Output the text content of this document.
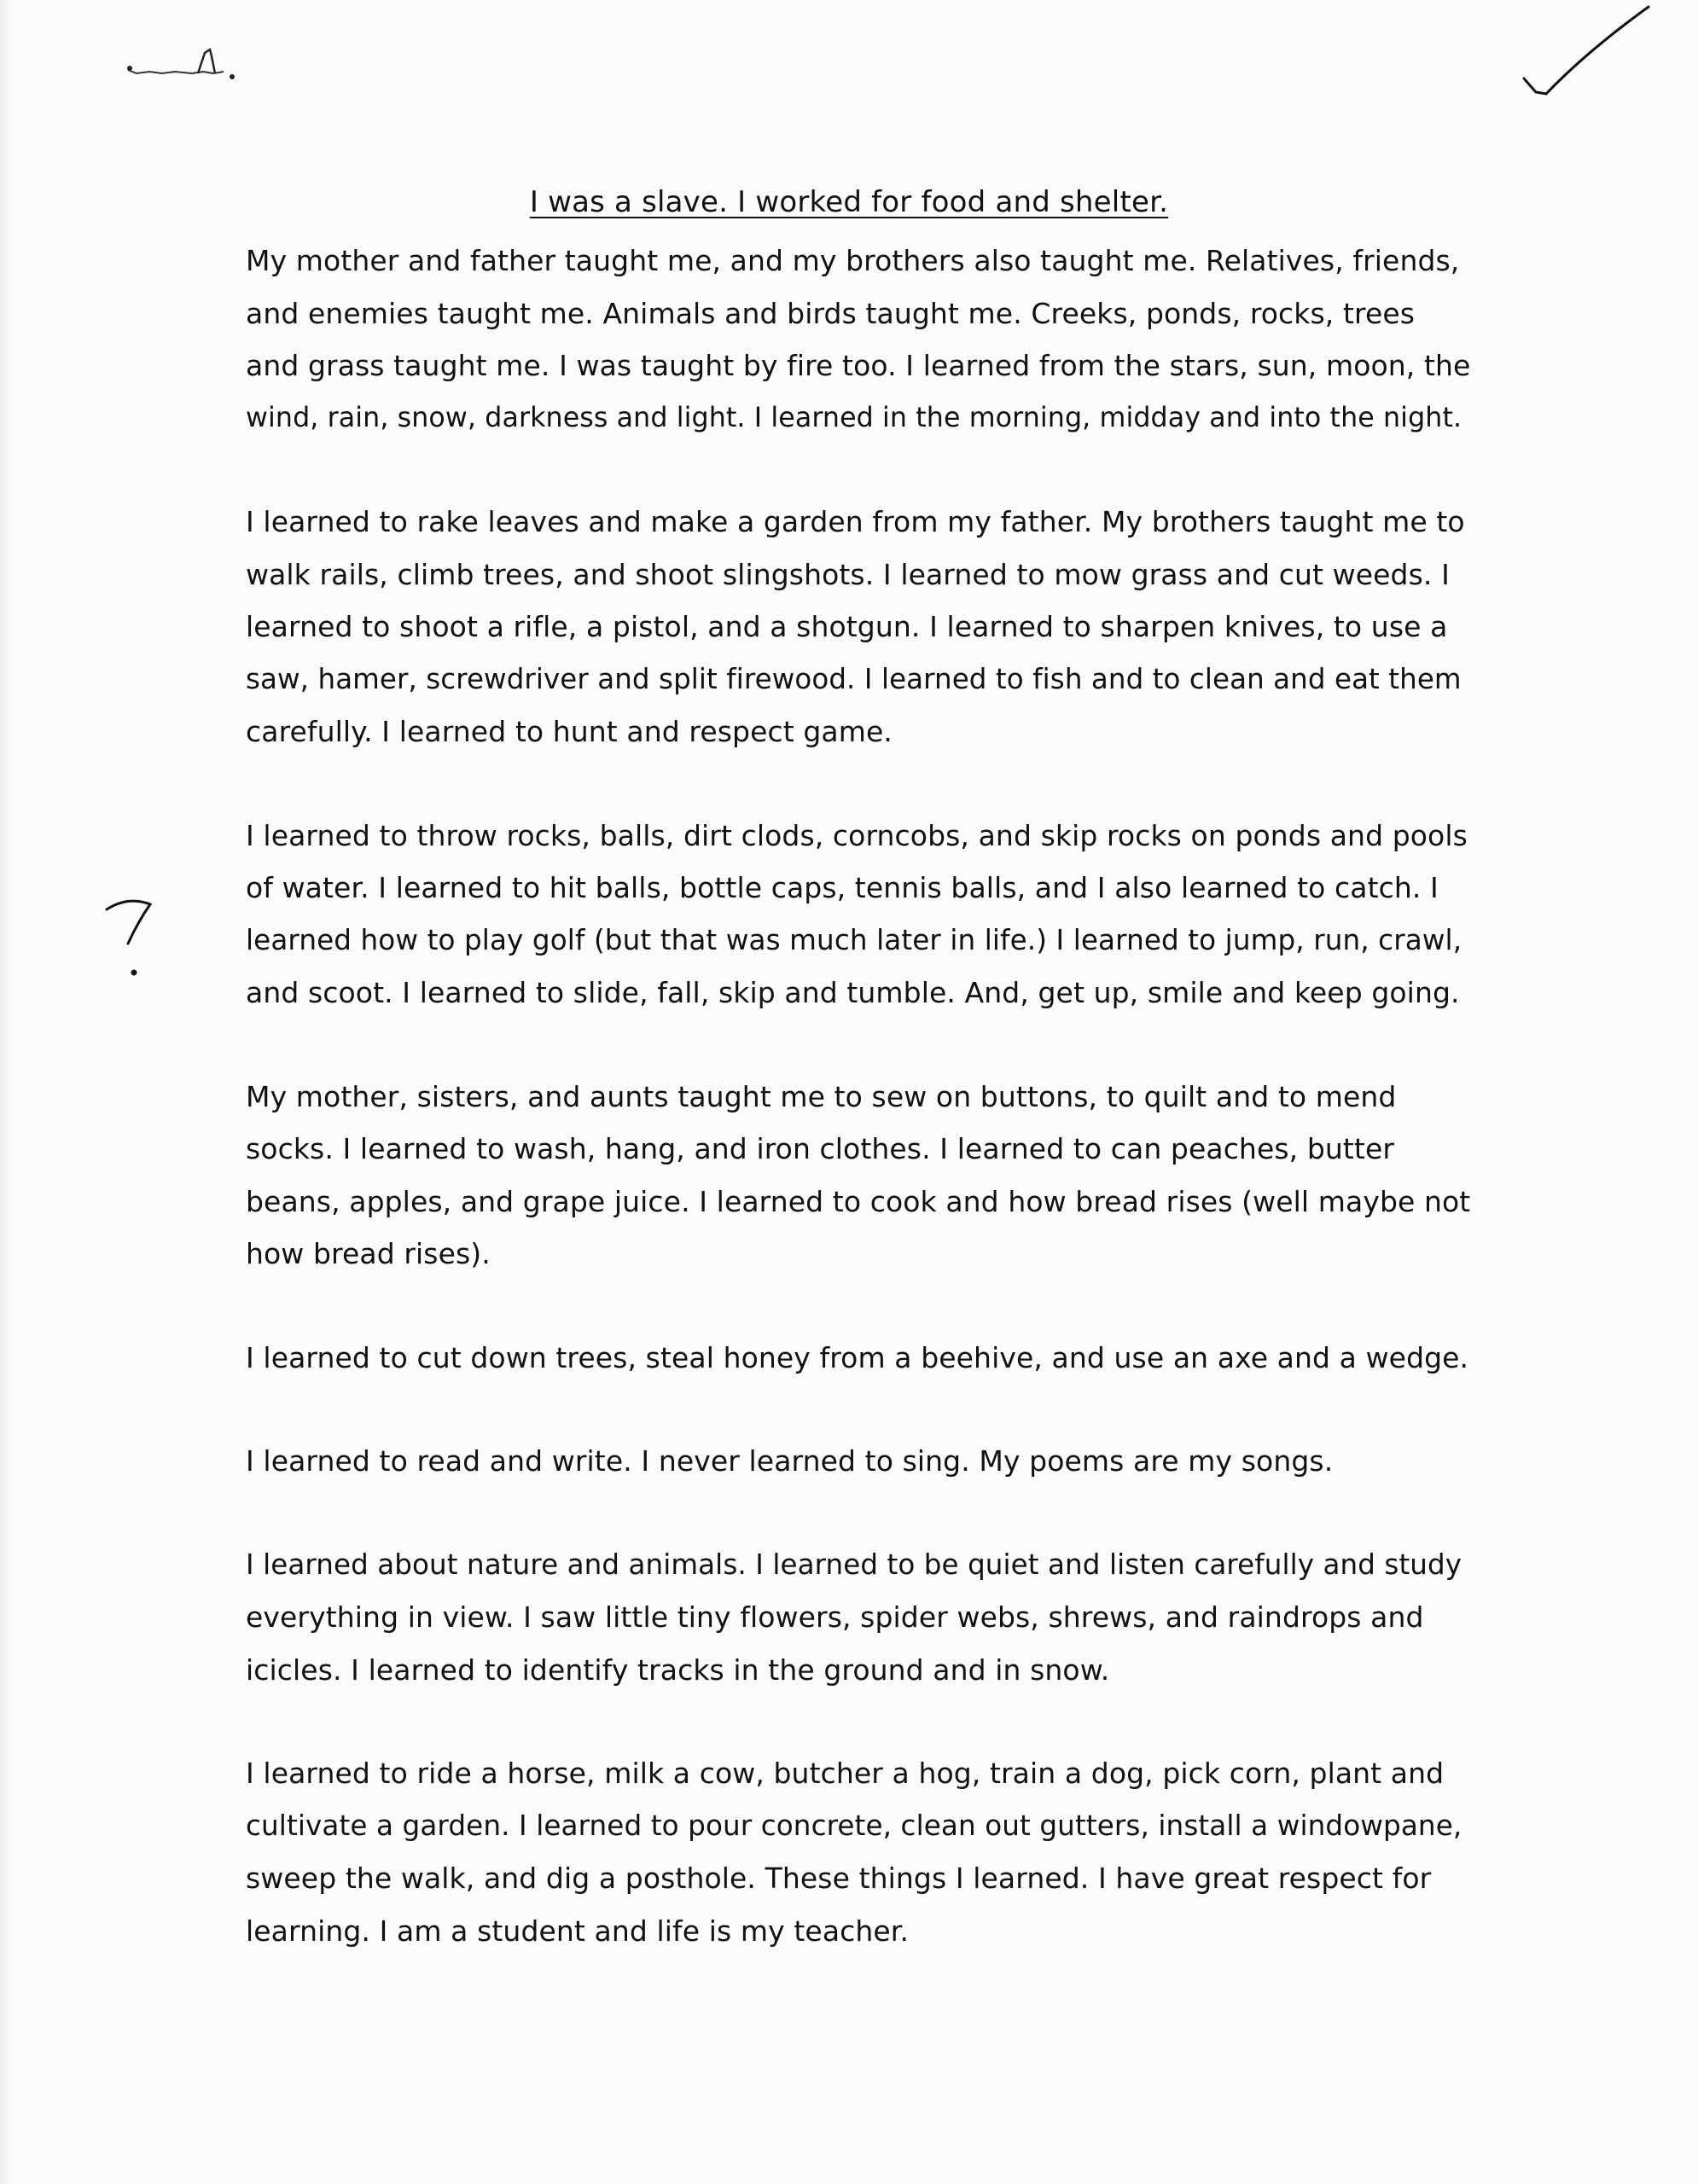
I was a slave. I worked for food and shelter.
My mother and father taught me, and my brothers also taught me. Relatives, friends,
and enemies taught me. Animals and birds taught me. Creeks, ponds, rocks, trees
and grass taught me. I was taught by fire too. I learned from the stars, sun, moon, the
wind, rain, snow, darkness and light. I learned in the morning, midday and into the night.
I learned to rake leaves and make a garden from my father. My brothers taught me to
walk rails, climb trees, and shoot slingshots. I learned to mow grass and cut weeds. I
learned to shoot a rifle, a pistol, and a shotgun. I learned to sharpen knives, to use a
saw, hamer, screwdriver and split firewood. I learned to fish and to clean and eat them
carefully. I learned to hunt and respect game.
I learned to throw rocks, balls, dirt clods, corncobs, and skip rocks on ponds and pools
of water. I learned to hit balls, bottle caps, tennis balls, and I also learned to catch. I
learned how to play golf (but that was much later in life.) I learned to jump, run, crawl,
and scoot. I learned to slide, fall, skip and tumble. And, get up, smile and keep going.
My mother, sisters, and aunts taught me to sew on buttons, to quilt and to mend
socks. I learned to wash, hang, and iron clothes. I learned to can peaches, butter
beans, apples, and grape juice. I learned to cook and how bread rises (well maybe not
how bread rises).
I learned to cut down trees, steal honey from a beehive, and use an axe and a wedge.
I learned to read and write. I never learned to sing. My poems are my songs.
I learned about nature and animals. I learned to be quiet and listen carefully and study
everything in view. I saw little tiny flowers, spider webs, shrews, and raindrops and
icicles. I learned to identify tracks in the ground and in snow.
I learned to ride a horse, milk a cow, butcher a hog, train a dog, pick corn, plant and
cultivate a garden. I learned to pour concrete, clean out gutters, install a windowpane,
sweep the walk, and dig a posthole. These things I learned. I have great respect for
learning. I am a student and life is my teacher.
